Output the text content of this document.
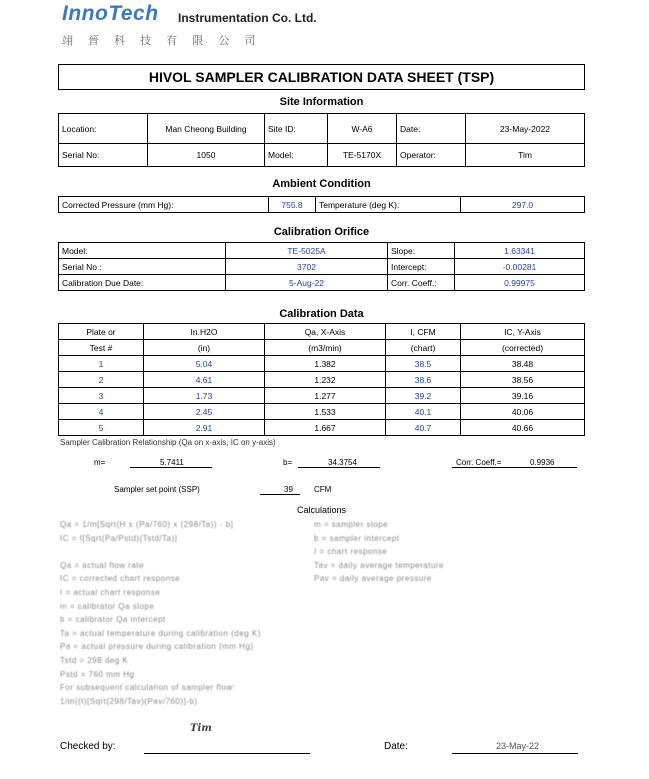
InnoTech Instrumentation Co. Ltd.
翊 晉 科 技 有 限 公 司
HIVOL SAMPLER CALIBRATION DATA SHEET (TSP)
Site Information
Location:	Man Cheong Building	Site ID:	W-A6	Date:	23-May-2022
Serial No:	1050	Model:	TE-5170X	Operator:	Tim
Ambient Condition
Corrected Pressure (mm Hg):	755.8	Temperature (deg K):	297.0
Calibration Orifice
Model:	TE-5025A	Slope:	1.63341
Serial No :	3702	Intercept:	-0.00281
Calibration Due Date:	5-Aug-22	Corr. Coeff.:	0.99975
Calibration Data
Plate or	In.H2O	Qa, X-Axis	I, CFM	IC, Y-Axis
Test #	(in)	(m3/min)	(chart)	(corrected)
1	5.04	1.382	38.5	38.48
2	4.61	1.232	38.6	38.56
3	1.73	1.277	39.2	39.16
4	2.45	1.533	40.1	40.06
5	2.91	1.667	40.7	40.66
Sampler Calibration Relationship (Qa on x-axis, IC on y-axis)
m=	5.7411	b=	34.3754	Corr. Coeff.=	0.9936
Sampler set point (SSP)	39	CFM
Calculations
Qa = 1/m[Sqrt(H x (Pa/760) x (298/Ta)) - b]
IC = I[Sqrt(Pa/Pstd)(Tstd/Ta)]

Qa = actual flow rate
IC = corrected chart response
I = actual chart response
m = calibrator Qa slope
b = calibrator Qa intercept
Ta = actual temperature during calibration (deg K)
Pa = actual pressure during calibration (mm Hg)
Tstd = 298 deg K
Pstd = 760 mm Hg
For subsequent calculation of sampler flow:
1/m((I)[Sqrt(298/Tav)(Pav/760)]-b)
m = sampler slope
b = sampler intercept
I = chart response
Tav = daily average temperature
Pav = daily average pressure
Checked by:
Tim
Date:	23-May-22
